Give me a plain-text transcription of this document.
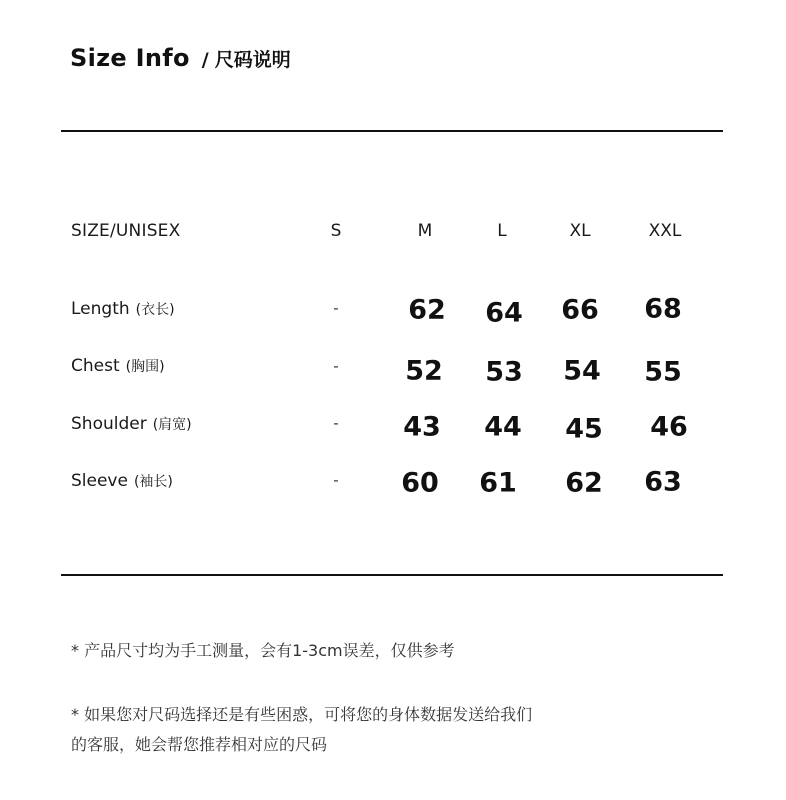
Size Info / 尺码说明
SIZE/UNISEX	S	M	L	XL	XXL
Length (衣长)	-	62 64 66 68
Chest (胸围)	- 52 53 54 55
Shoulder (肩宽)	- 43 44 45 46
Sleeve (袖长)	- 60 61 62 63
* 产品尺寸均为手工测量，会有1-3cm误差，仅供参考
* 如果您对尺码选择还是有些困惑，可将您的身体数据发送给我们
的客服，她会帮您推荐相对应的尺码
